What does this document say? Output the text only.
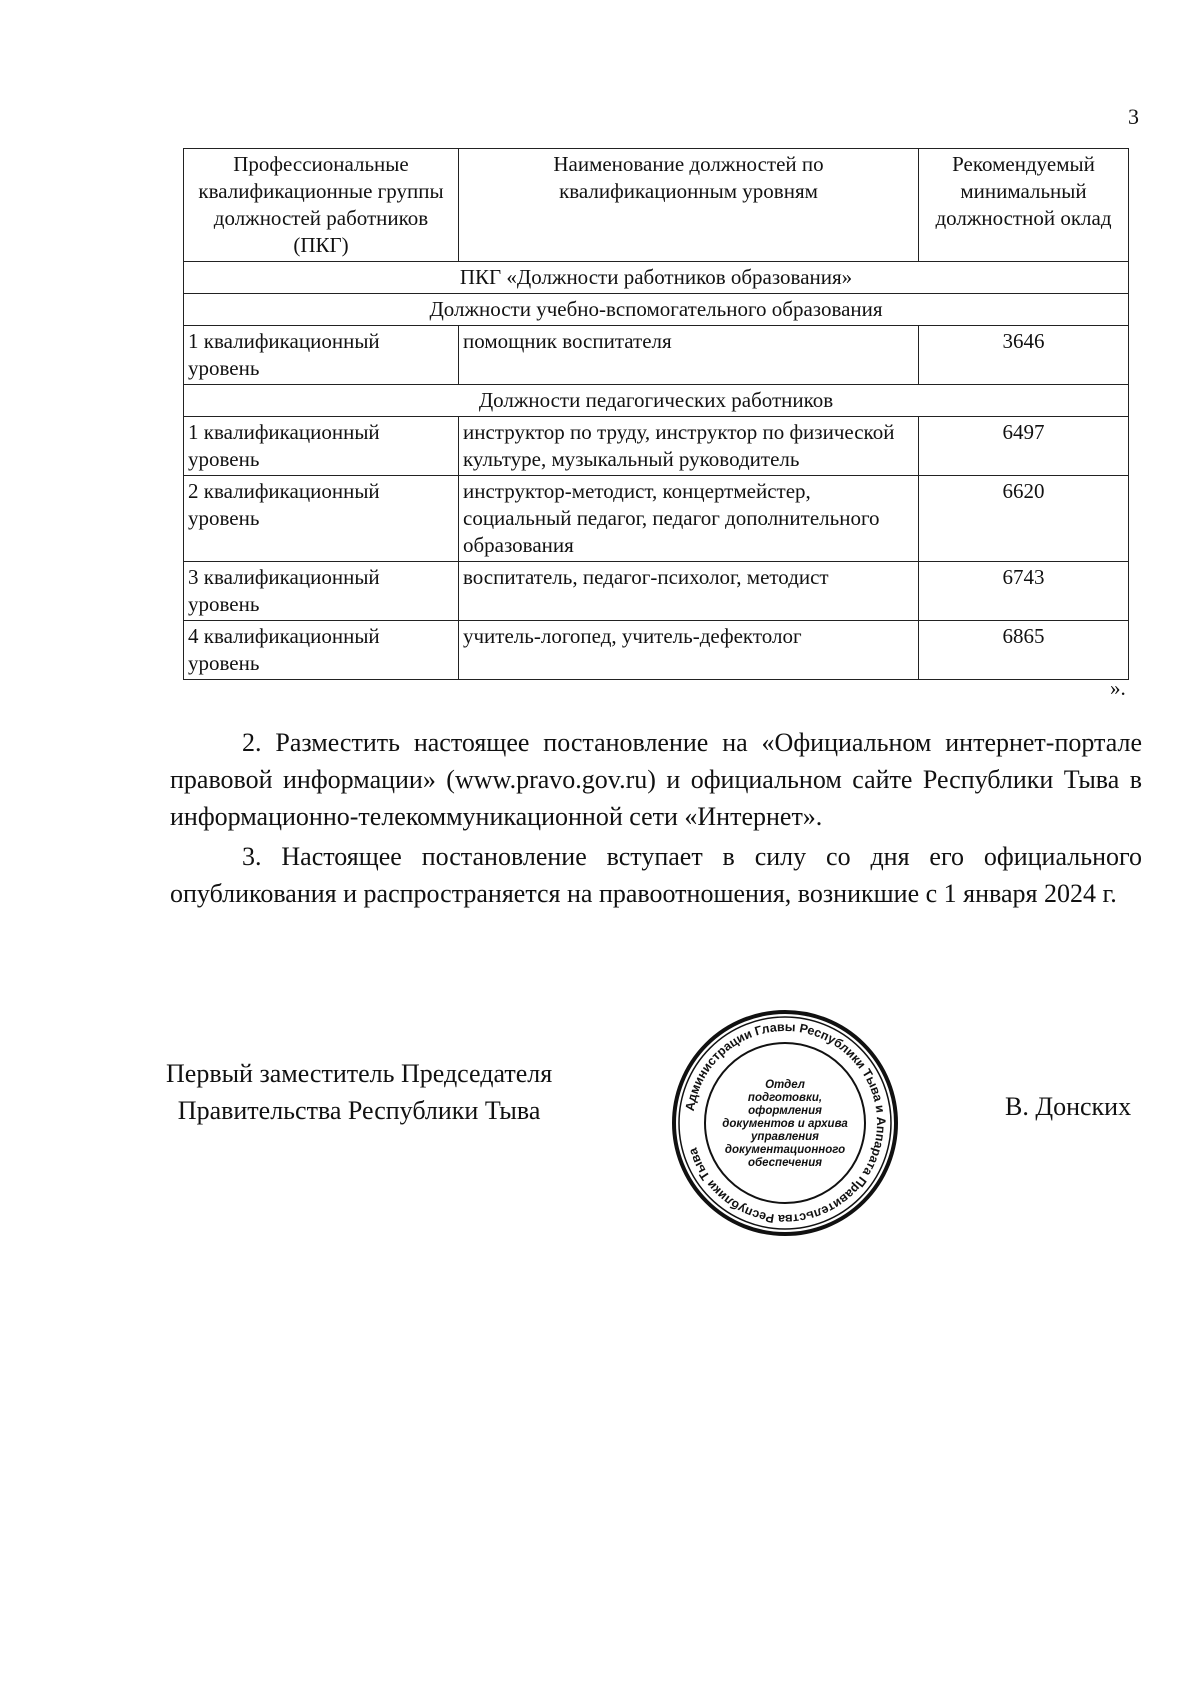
3
Профессиональные квалификационные группы должностей работников (ПКГ)	Наименование должностей по квалификационным уровням	Рекомендуемый минимальный должностной оклад
ПКГ «Должности работников образования»		
Должности учебно-вспомогательного образования		
1 квалификационный уровень	помощник воспитателя	3646
Должности педагогических работников		
1 квалификационный уровень	инструктор по труду, инструктор по физической культуре, музыкальный руководитель	6497
2 квалификационный уровень	инструктор-методист, концертмейстер, социальный педагог, педагог дополнительного образования	6620
3 квалификационный уровень	воспитатель, педагог-психолог, методист	6743
4 квалификационный уровень	учитель-логопед, учитель-дефектолог	6865
».

2. Разместить настоящее постановление на «Официальном интернет-портале правовой информации» (www.pravo.gov.ru) и официальном сайте Республики Тыва в информационно-телекоммуникационной сети «Интернет».

3. Настоящее постановление вступает в силу со дня его официального опубликования и распространяется на правоотношения, возникшие с 1 января 2024 г.

Первый заместитель Председателя
Правительства Республики Тыва	В. Донских
Администрации Главы Республики Тыва и Аппарата Правительства Республики Тыва
Отдел
подготовки,
оформления
документов и архива
управления
документационного
обеспечения
